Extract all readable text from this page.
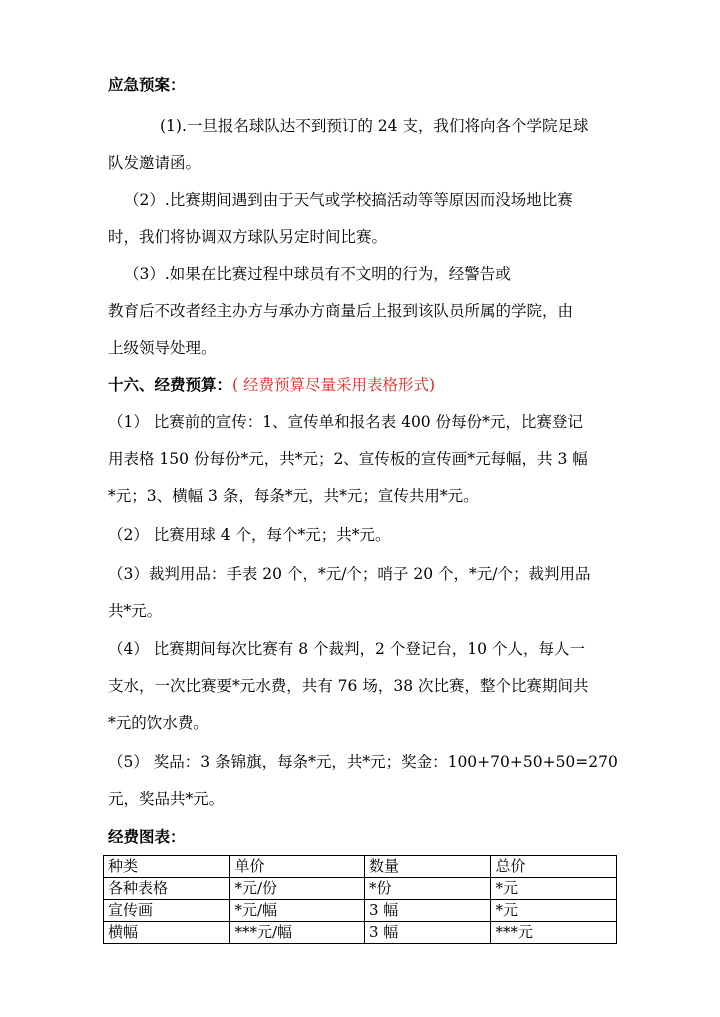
应急预案：
(1).一旦报名球队达不到预订的 24 支，我们将向各个学院足球
队发邀请函。
（2）.比赛期间遇到由于天气或学校搞活动等等原因而没场地比赛
时，我们将协调双方球队另定时间比赛。
（3）.如果在比赛过程中球员有不文明的行为，经警告或
教育后不改者经主办方与承办方商量后上报到该队员所属的学院，由
上级领导处理。
十六、经费预算：( 经费预算尽量采用表格形式)
（1） 比赛前的宣传：1、宣传单和报名表 400 份每份*元，比赛登记
用表格 150 份每份*元，共*元；2、宣传板的宣传画*元每幅，共 3 幅
*元；3、横幅 3 条，每条*元，共*元；宣传共用*元。
（2） 比赛用球 4 个，每个*元；共*元。
（3）裁判用品：手表 20 个，*元/个；哨子 20 个，*元/个；裁判用品
共*元。
（4） 比赛期间每次比赛有 8 个裁判，2 个登记台，10 个人，每人一
支水，一次比赛要*元水费，共有 76 场，38 次比赛，整个比赛期间共
*元的饮水费。
（5） 奖品：3 条锦旗，每条*元，共*元；奖金：100+70+50+50=270
元，奖品共*元。
经费图表：
种类	单价	数量	总价
各种表格	*元/份	*份	*元
宣传画	*元/幅	3 幅	*元
横幅	***元/幅	3 幅	***元
